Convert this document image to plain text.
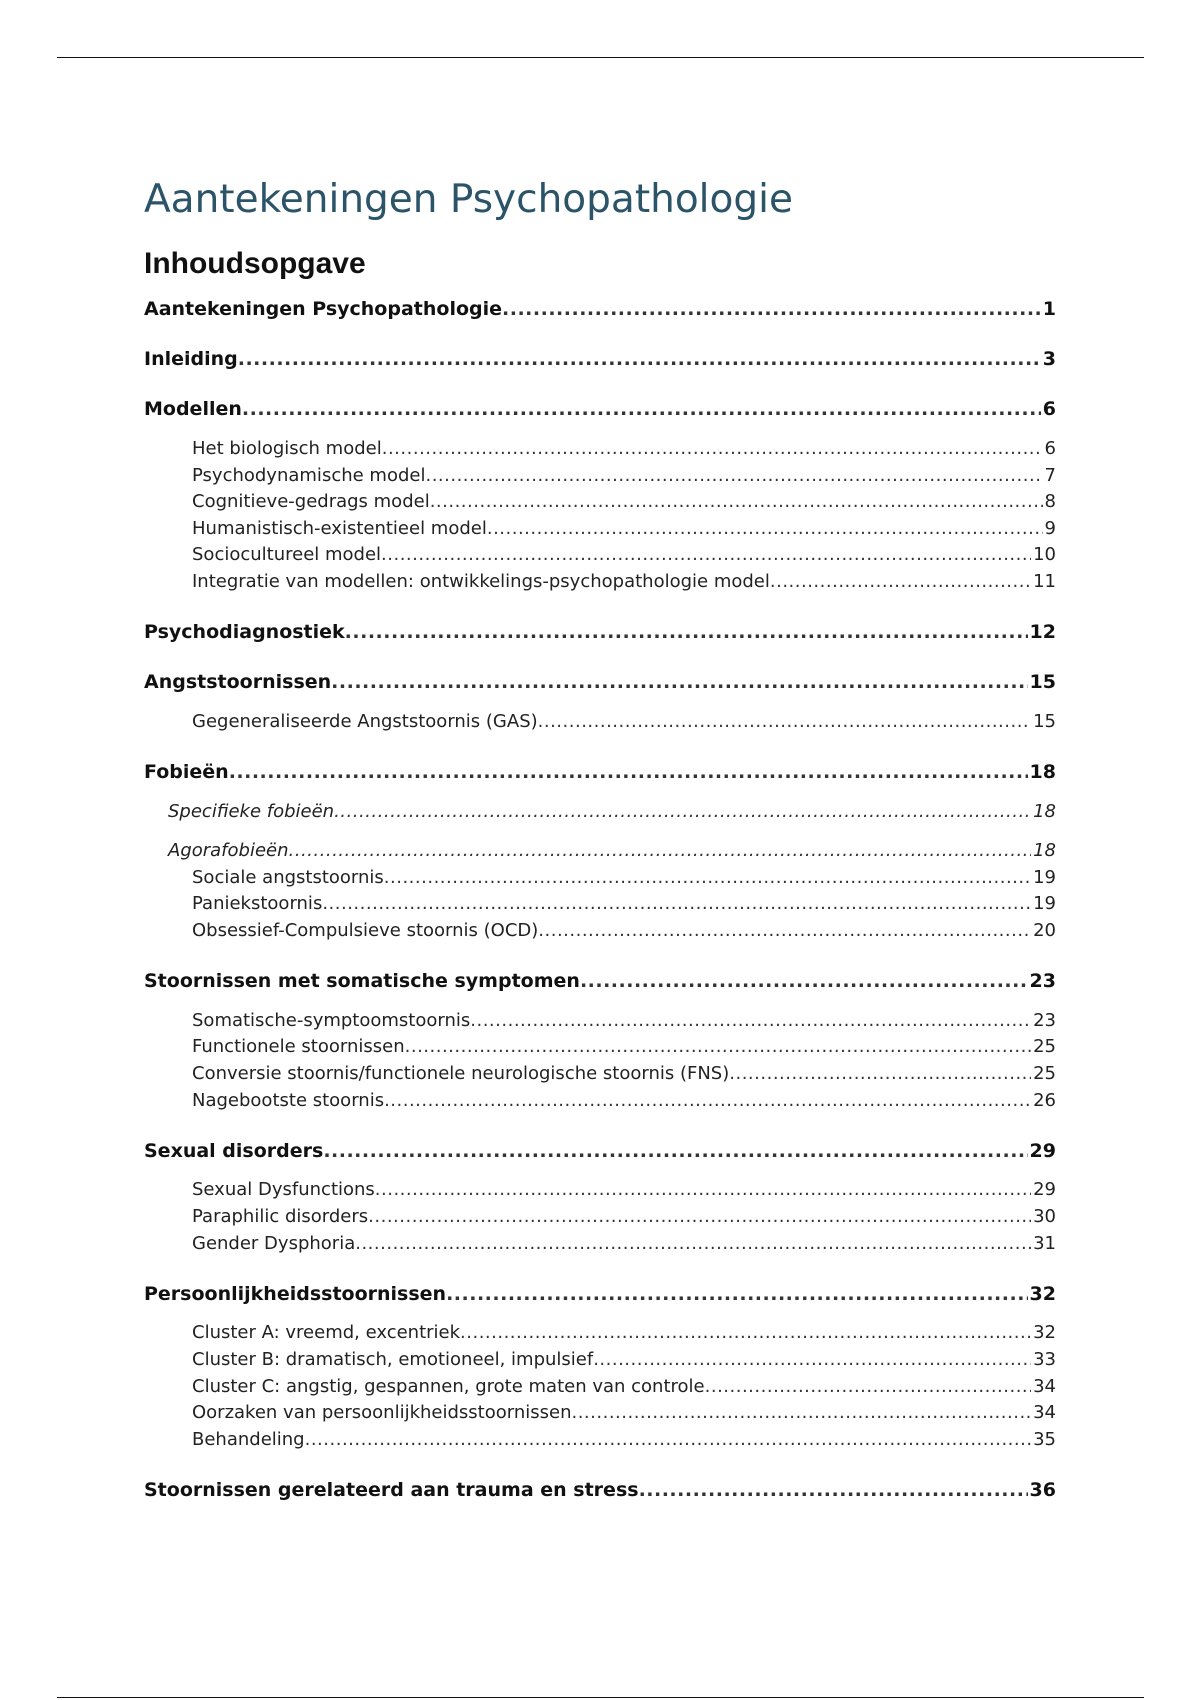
Aantekeningen Psychopathologie
Inhoudsopgave
Aantekeningen Psychopathologie .....	1
Inleiding .....	3
Modellen .....	6
Het biologisch model .....	6
Psychodynamische model .....	7
Cognitieve-gedrags model .....	8
Humanistisch-existentieel model .....	9
Sociocultureel model .....	10
Integratie van modellen: ontwikkelings-psychopathologie model .....	11
Psychodiagnostiek .....	12
Angststoornissen .....	15
Gegeneraliseerde Angststoornis (GAS) .....	15
Fobieën .....	18
Specifieke fobieën .....	18
Agorafobieën .....	18
Sociale angststoornis .....	19
Paniekstoornis .....	19
Obsessief-Compulsieve stoornis (OCD) .....	20
Stoornissen met somatische symptomen .....	23
Somatische-symptoomstoornis .....	23
Functionele stoornissen .....	25
Conversie stoornis/functionele neurologische stoornis (FNS) .....	25
Nagebootste stoornis .....	26
Sexual disorders .....	29
Sexual Dysfunctions .....	29
Paraphilic disorders .....	30
Gender Dysphoria .....	31
Persoonlijkheidsstoornissen .....	32
Cluster A: vreemd, excentriek .....	32
Cluster B: dramatisch, emotioneel, impulsief .....	33
Cluster C: angstig, gespannen, grote maten van controle .....	34
Oorzaken van persoonlijkheidsstoornissen .....	34
Behandeling .....	35
Stoornissen gerelateerd aan trauma en stress .....	36
